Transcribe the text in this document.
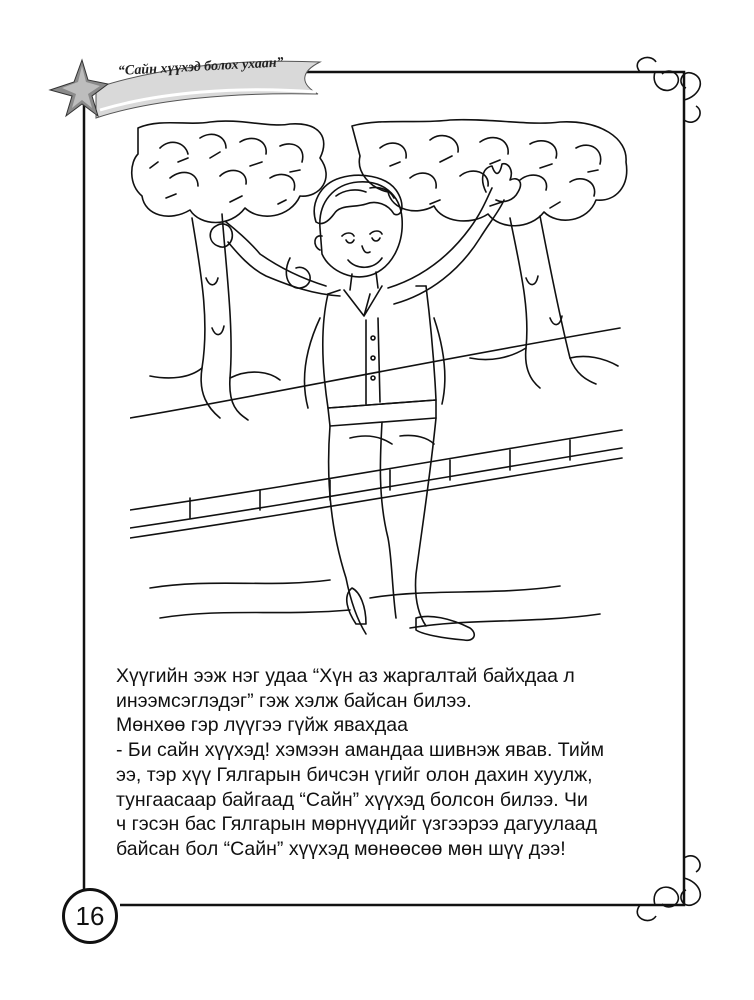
“Сайн хүүхэд болох ухаан”

Хүүгийн ээж нэг удаа “Хүн аз жаргалтай байхдаа л

инээмсэглэдэг” гэж хэлж байсан билээ.

Мөнхөө гэр лүүгээ гүйж явахдаа

- Би сайн хүүхэд! хэмээн амандаа шивнэж явав. Тийм

ээ, тэр хүү Гялгарын бичсэн үгийг олон дахин хуулж,

тунгаасаар байгаад “Сайн” хүүхэд болсон билээ. Чи

ч гэсэн бас Гялгарын мөрнүүдийг үзгээрээ дагуулаад

байсан бол “Сайн” хүүхэд мөнөөсөө мөн шүү дээ!

16
